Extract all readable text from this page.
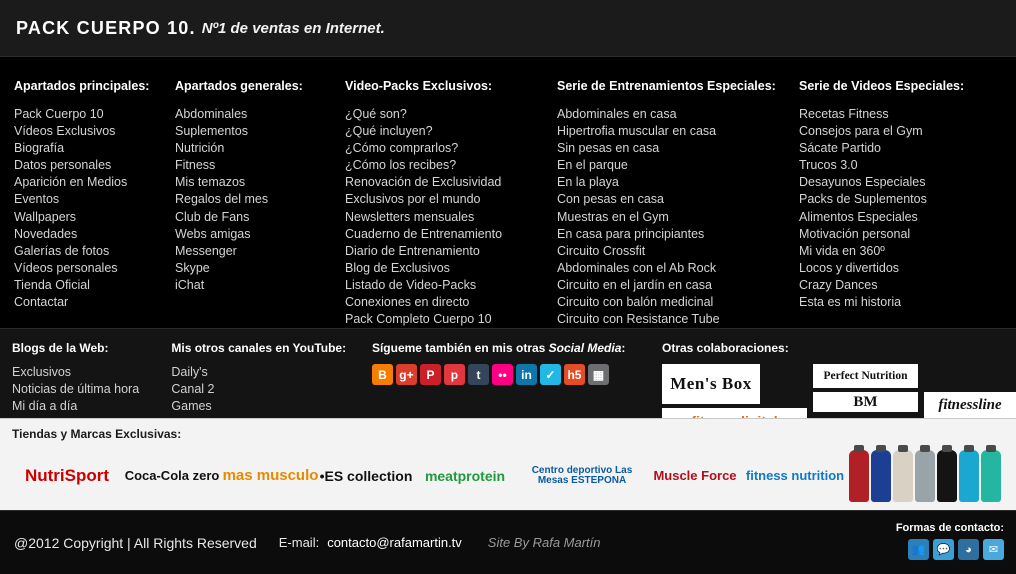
PACK CUERPO 10. Nº1 de ventas en Internet.
Apartados principales:
Pack Cuerpo 10
Vídeos Exclusivos
Biografía
Datos personales
Aparición en Medios
Eventos
Wallpapers
Novedades
Galerías de fotos
Vídeos personales
Tienda Oficial
Contactar
Apartados generales:
Abdominales
Suplementos
Nutrición
Fitness
Mis temazos
Regalos del mes
Club de Fans
Webs amigas
Messenger
Skype
iChat
Video-Packs Exclusivos:
¿Qué son?
¿Qué incluyen?
¿Cómo comprarlos?
¿Cómo los recibes?
Renovación de Exclusividad
Exclusivos por el mundo
Newsletters mensuales
Cuaderno de Entrenamiento
Diario de Entrenamiento
Blog de Exclusivos
Listado de Video-Packs
Conexiones en directo
Pack Completo Cuerpo 10
Serie de Entrenamientos Especiales:
Abdominales en casa
Hipertrofia muscular en casa
Sin pesas en casa
En el parque
En la playa
Con pesas en casa
Muestras en el Gym
En casa para principiantes
Circuito Crossfit
Abdominales con el Ab Rock
Circuito en el jardín en casa
Circuito con balón medicinal
Circuito con Resistance Tube
Serie de Videos Especiales:
Recetas Fitness
Consejos para el Gym
Sácate Partido
Trucos 3.0
Desayunos Especiales
Packs de Suplementos
Alimentos Especiales
Motivación personal
Mi vida en 360º
Locos y divertidos
Crazy Dances
Esta es mi historia
Blogs de la Web:
Exclusivos
Noticias de última hora
Mi día a día
Mis otros canales en YouTube:
Daily's
Canal 2
Games
Sígueme también en mis otras Social Media:
B	g+	P	p	t	••	in	✓ h5 ▦
Otras colaboraciones:
Men's Box	Perfect Nutrition
BM	fitnessline
Tiendas y Marcas Exclusivas:
NutriSport	Coca-Cola zero mas musculo •ES collection meatprotein	Centro deportivo Las Mesas ESTEPONA	Muscle Force fitness nutrition
@2012 Copyright | All Rights Reserved E-mail: contacto@rafamartin.tv Site By Rafa Martín
Formas de contacto:
👥	💬	◕	✉
